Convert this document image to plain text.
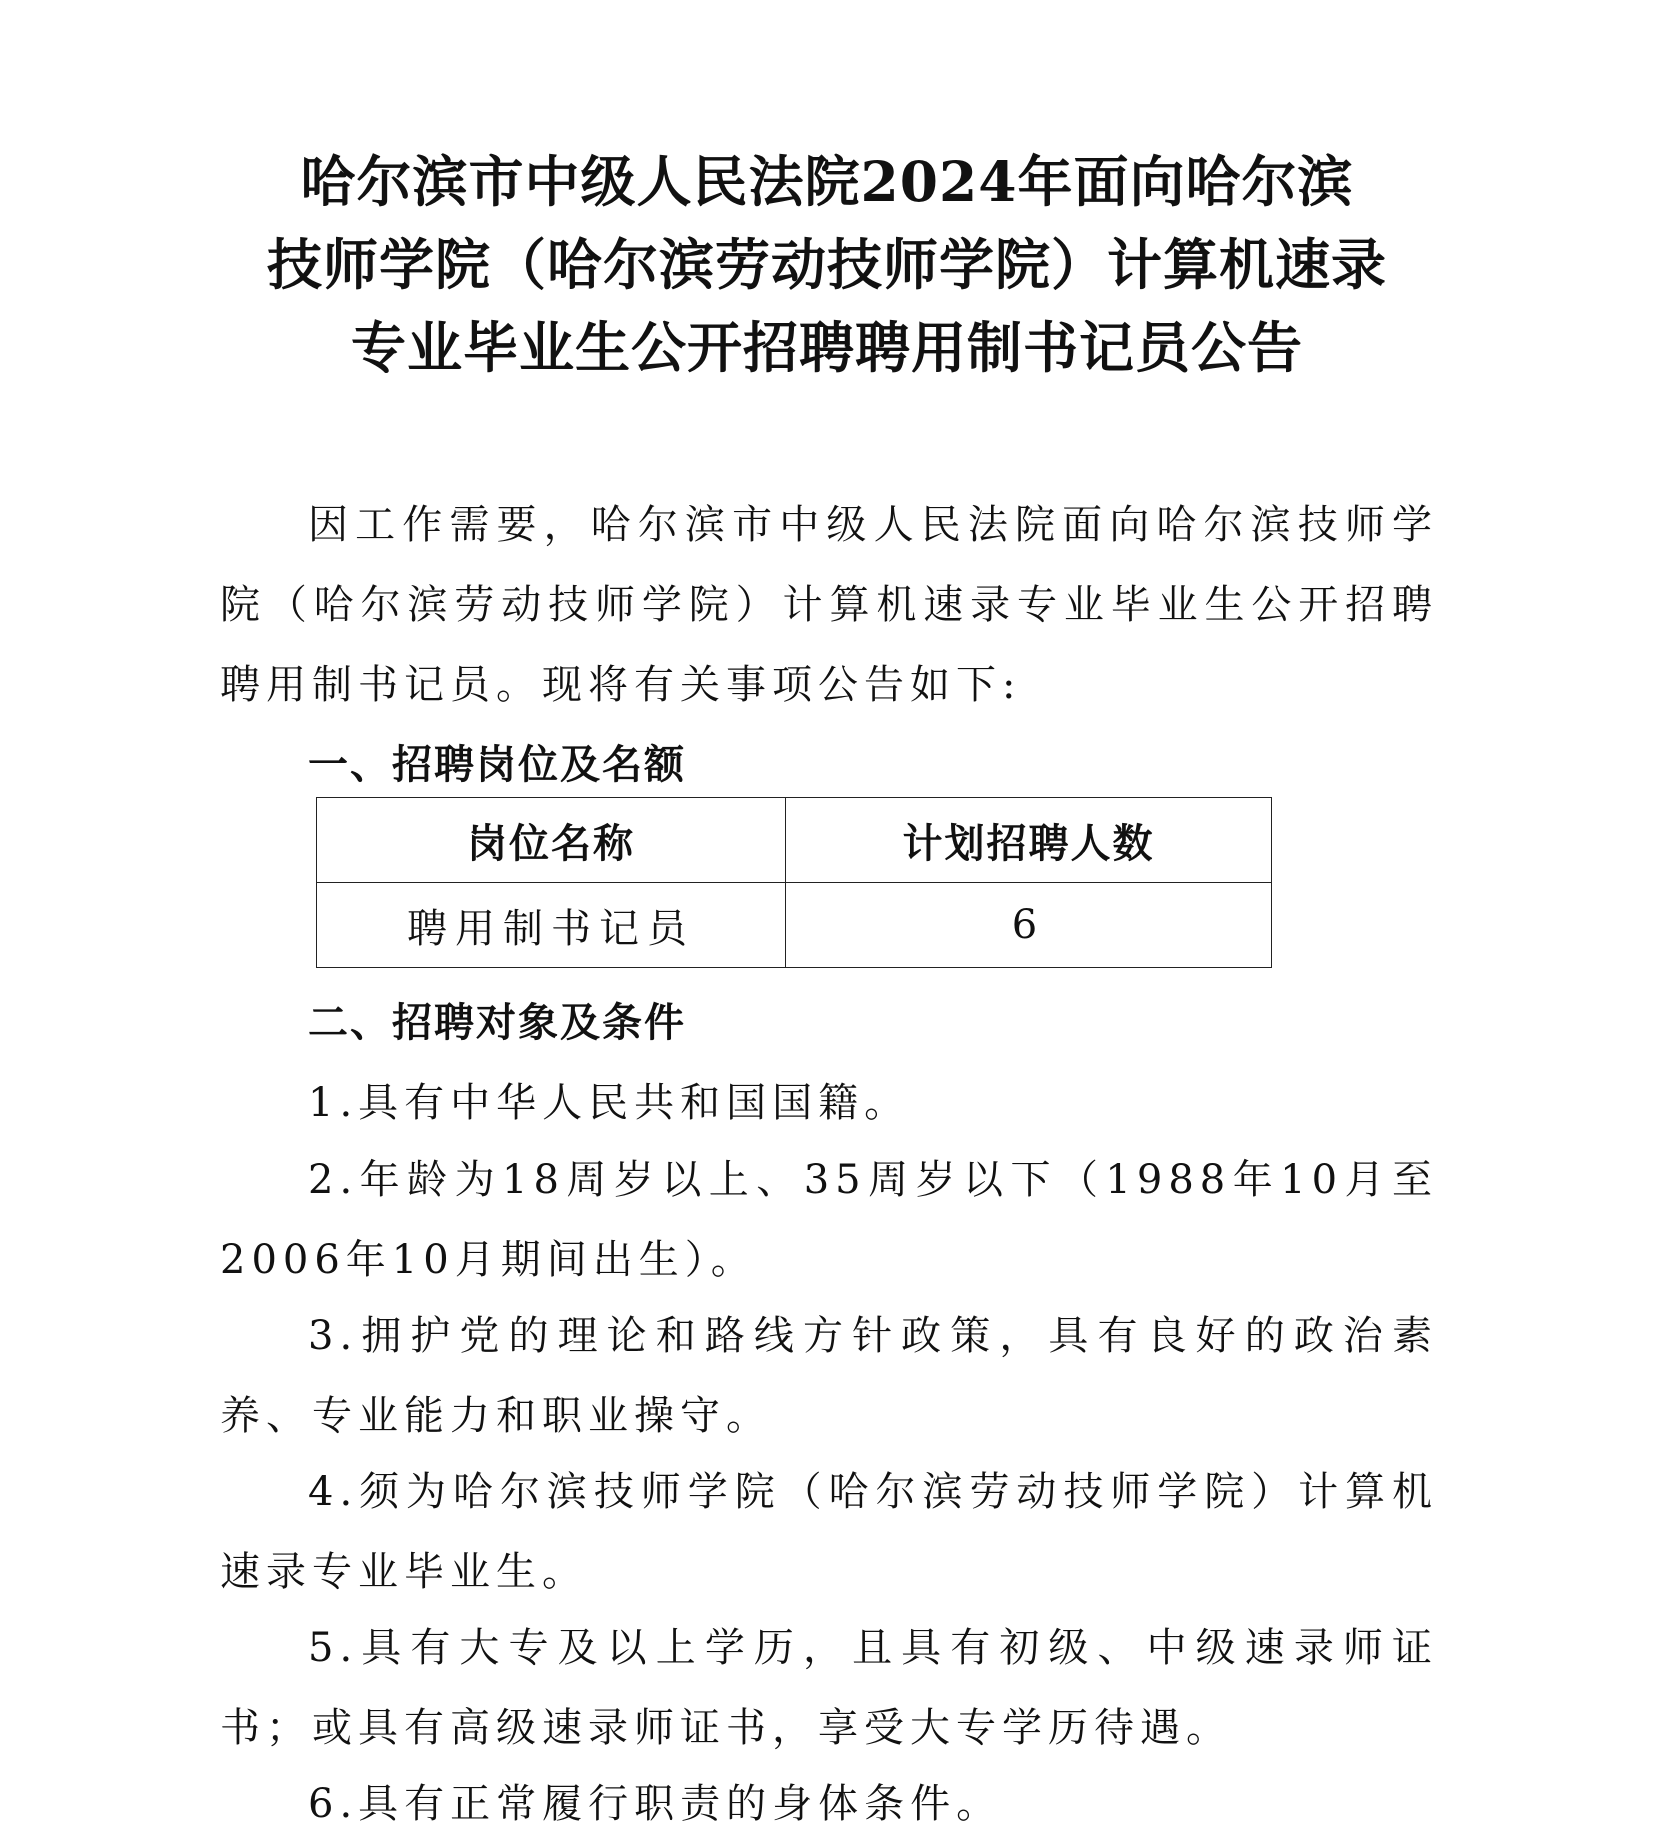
哈尔滨市中级人民法院2024年面向哈尔滨
技师学院（哈尔滨劳动技师学院）计算机速录
专业毕业生公开招聘聘用制书记员公告

因工作需要，哈尔滨市中级人民法院面向哈尔滨技师学院（哈尔滨劳动技师学院）计算机速录专业毕业生公开招聘聘用制书记员。现将有关事项公告如下:

一、招聘岗位及名额
岗位名称	计划招聘人数
聘用制书记员	6
二、招聘对象及条件

1.具有中华人民共和国国籍。

2.年龄为18周岁以上、35周岁以下（1988年10月至2006年10月期间出生）。

3.拥护党的理论和路线方针政策，具有良好的政治素养、专业能力和职业操守。

4.须为哈尔滨技师学院（哈尔滨劳动技师学院）计算机速录专业毕业生。

5.具有大专及以上学历，且具有初级、中级速录师证书；或具有高级速录师证书，享受大专学历待遇。

6.具有正常履行职责的身体条件。
